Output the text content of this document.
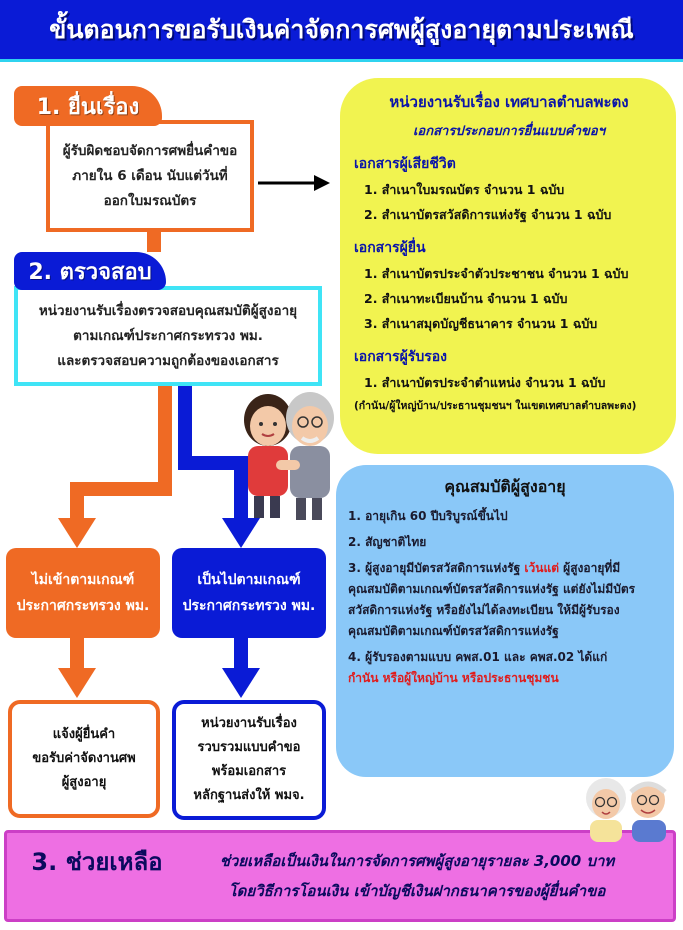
ขั้นตอนการขอรับเงินค่าจัดการศพผู้สูงอายุตามประเพณี
ผู้รับผิดชอบจัดการศพยื่นคำขอ
ภายใน 6 เดือน นับแต่วันที่
ออกใบมรณบัตร
1. ยื่นเรื่อง
หน่วยงานรับเรื่องตรวจสอบคุณสมบัติผู้สูงอายุ
ตามเกณฑ์ประกาศกระทรวง พม.
และตรวจสอบความถูกต้องของเอกสาร
2. ตรวจสอบ
หน่วยงานรับเรื่อง เทศบาลตำบลพะตง
เอกสารประกอบการยื่นแบบคำขอฯ
เอกสารผู้เสียชีวิต
1. สำเนาใบมรณบัตร จำนวน 1 ฉบับ
2. สำเนาบัตรสวัสดิการแห่งรัฐ จำนวน 1 ฉบับ
เอกสารผู้ยื่น
1. สำเนาบัตรประจำตัวประชาชน จำนวน 1 ฉบับ
2. สำเนาทะเบียนบ้าน จำนวน 1 ฉบับ
3. สำเนาสมุดบัญชีธนาคาร จำนวน 1 ฉบับ
เอกสารผู้รับรอง
1. สำเนาบัตรประจำตำแหน่ง จำนวน 1 ฉบับ
(กำนัน/ผู้ใหญ่บ้าน/ประธานชุมชนฯ ในเขตเทศบาลตำบลพะตง)
คุณสมบัติผู้สูงอายุ
1. อายุเกิน 60 ปีบริบูรณ์ขึ้นไป
2. สัญชาติไทย
3. ผู้สูงอายุมีบัตรสวัสดิการแห่งรัฐ เว้นแต่ ผู้สูงอายุที่มีคุณสมบัติตามเกณฑ์บัตรสวัสดิการแห่งรัฐ แต่ยังไม่มีบัตรสวัสดิการแห่งรัฐ หรือยังไม่ได้ลงทะเบียน ให้มีผู้รับรองคุณสมบัติตามเกณฑ์บัตรสวัสดิการแห่งรัฐ
4. ผู้รับรองตามแบบ คพส.01 และ คพส.02 ได้แก่
กำนัน หรือผู้ใหญ่บ้าน หรือประธานชุมชน
ไม่เข้าตามเกณฑ์
ประกาศกระทรวง พม.
เป็นไปตามเกณฑ์
ประกาศกระทรวง พม.
แจ้งผู้ยื่นคำ
ขอรับค่าจัดงานศพ
ผู้สูงอายุ
หน่วยงานรับเรื่อง
รวบรวมแบบคำขอ
พร้อมเอกสาร
หลักฐานส่งให้ พมจ.
3. ช่วยเหลือ	ช่วยเหลือเป็นเงินในการจัดการศพผู้สูงอายุรายละ 3,000 บาท
โดยวิธีการโอนเงิน เข้าบัญชีเงินฝากธนาคารของผู้ยื่นคำขอ
